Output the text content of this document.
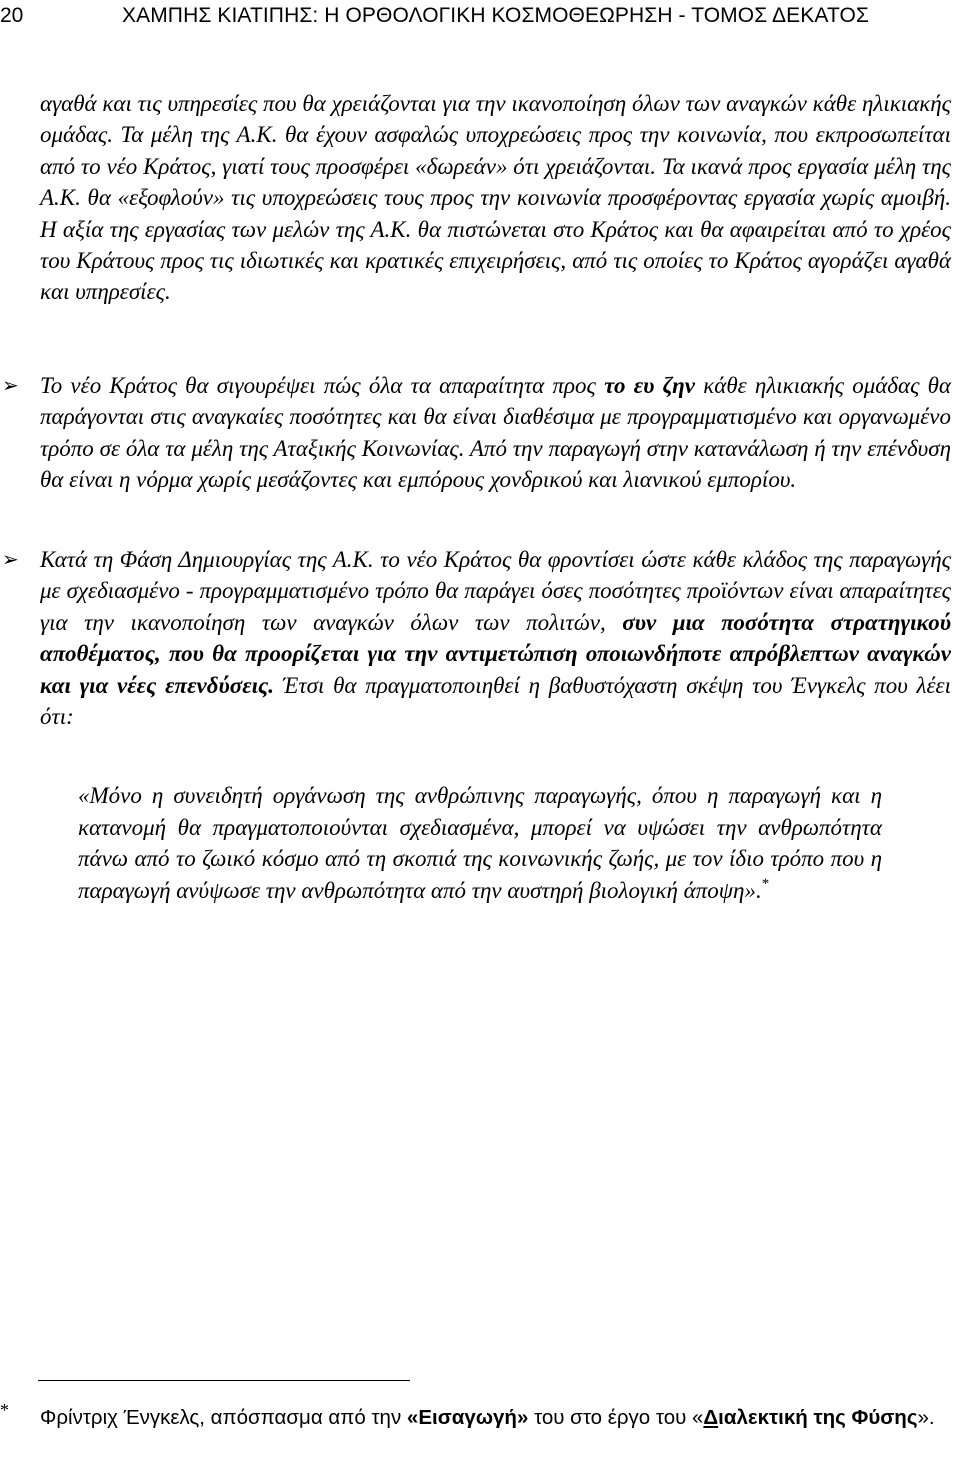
20	ΧΑΜΠΗΣ ΚΙΑΤΙΠΗΣ: Η ΟΡΘΟΛΟΓΙΚΗ ΚΟΣΜΟΘΕΩΡΗΣΗ - ΤΟΜΟΣ ΔΕΚΑΤΟΣ

αγαθά και τις υπηρεσίες που θα χρειάζονται για την ικανοποίηση όλων των αναγκών κάθε ηλικιακής ομάδας. Τα μέλη της Α.Κ. θα έχουν ασφαλώς υποχρεώσεις προς την κοινωνία, που εκπροσωπείται από το νέο Κράτος, γιατί τους προσφέρει «δωρεάν» ότι χρειάζονται. Τα ικανά προς εργασία μέλη της Α.Κ. θα «εξοφλούν» τις υποχρεώσεις τους προς την κοινωνία προσφέροντας εργασία χωρίς αμοιβή. Η αξία της εργασίας των μελών της Α.Κ. θα πιστώνεται στο Κράτος και θα αφαιρείται από το χρέος του Κράτους προς τις ιδιωτικές και κρατικές επιχειρήσεις, από τις οποίες το Κράτος αγοράζει αγαθά και υπηρεσίες.

➢ Το νέο Κράτος θα σιγουρέψει πώς όλα τα απαραίτητα προς το ευ ζην κάθε ηλικιακής ομάδας θα παράγονται στις αναγκαίες ποσότητες και θα είναι διαθέσιμα με προγραμματισμένο και οργανωμένο τρόπο σε όλα τα μέλη της Αταξικής Κοινωνίας. Από την παραγωγή στην κατανάλωση ή την επένδυση θα είναι η νόρμα χωρίς μεσάζοντες και εμπόρους χονδρικού και λιανικού εμπορίου.
➢ Κατά τη Φάση Δημιουργίας της Α.Κ. το νέο Κράτος θα φροντίσει ώστε κάθε κλάδος της παραγωγής με σχεδιασμένο - προγραμματισμένο τρόπο θα παράγει όσες ποσότητες προϊόντων είναι απαραίτητες για την ικανοποίηση των αναγκών όλων των πολιτών, συν μια ποσότητα στρατηγικού αποθέματος, που θα προορίζεται για την αντιμετώπιση οποιωνδήποτε απρόβλεπτων αναγκών και για νέες επενδύσεις. Έτσι θα πραγματοποιηθεί η βαθυστόχαστη σκέψη του Ένγκελς που λέει ότι:

«Μόνο η συνειδητή οργάνωση της ανθρώπινης παραγωγής, όπου η παραγωγή και η κατανομή θα πραγματοποιούνται σχεδιασμένα, μπορεί να υψώσει την ανθρωπότητα πάνω από το ζωικό κόσμο από τη σκοπιά της κοινωνικής ζωής, με τον ίδιο τρόπο που η παραγωγή ανύψωσε την ανθρωπότητα από την αυστηρή βιολογική άποψη».*

* Φρίντριχ Ένγκελς, απόσπασμα από την «Εισαγωγή» του στο έργο του «Διαλεκτική της Φύσης».
